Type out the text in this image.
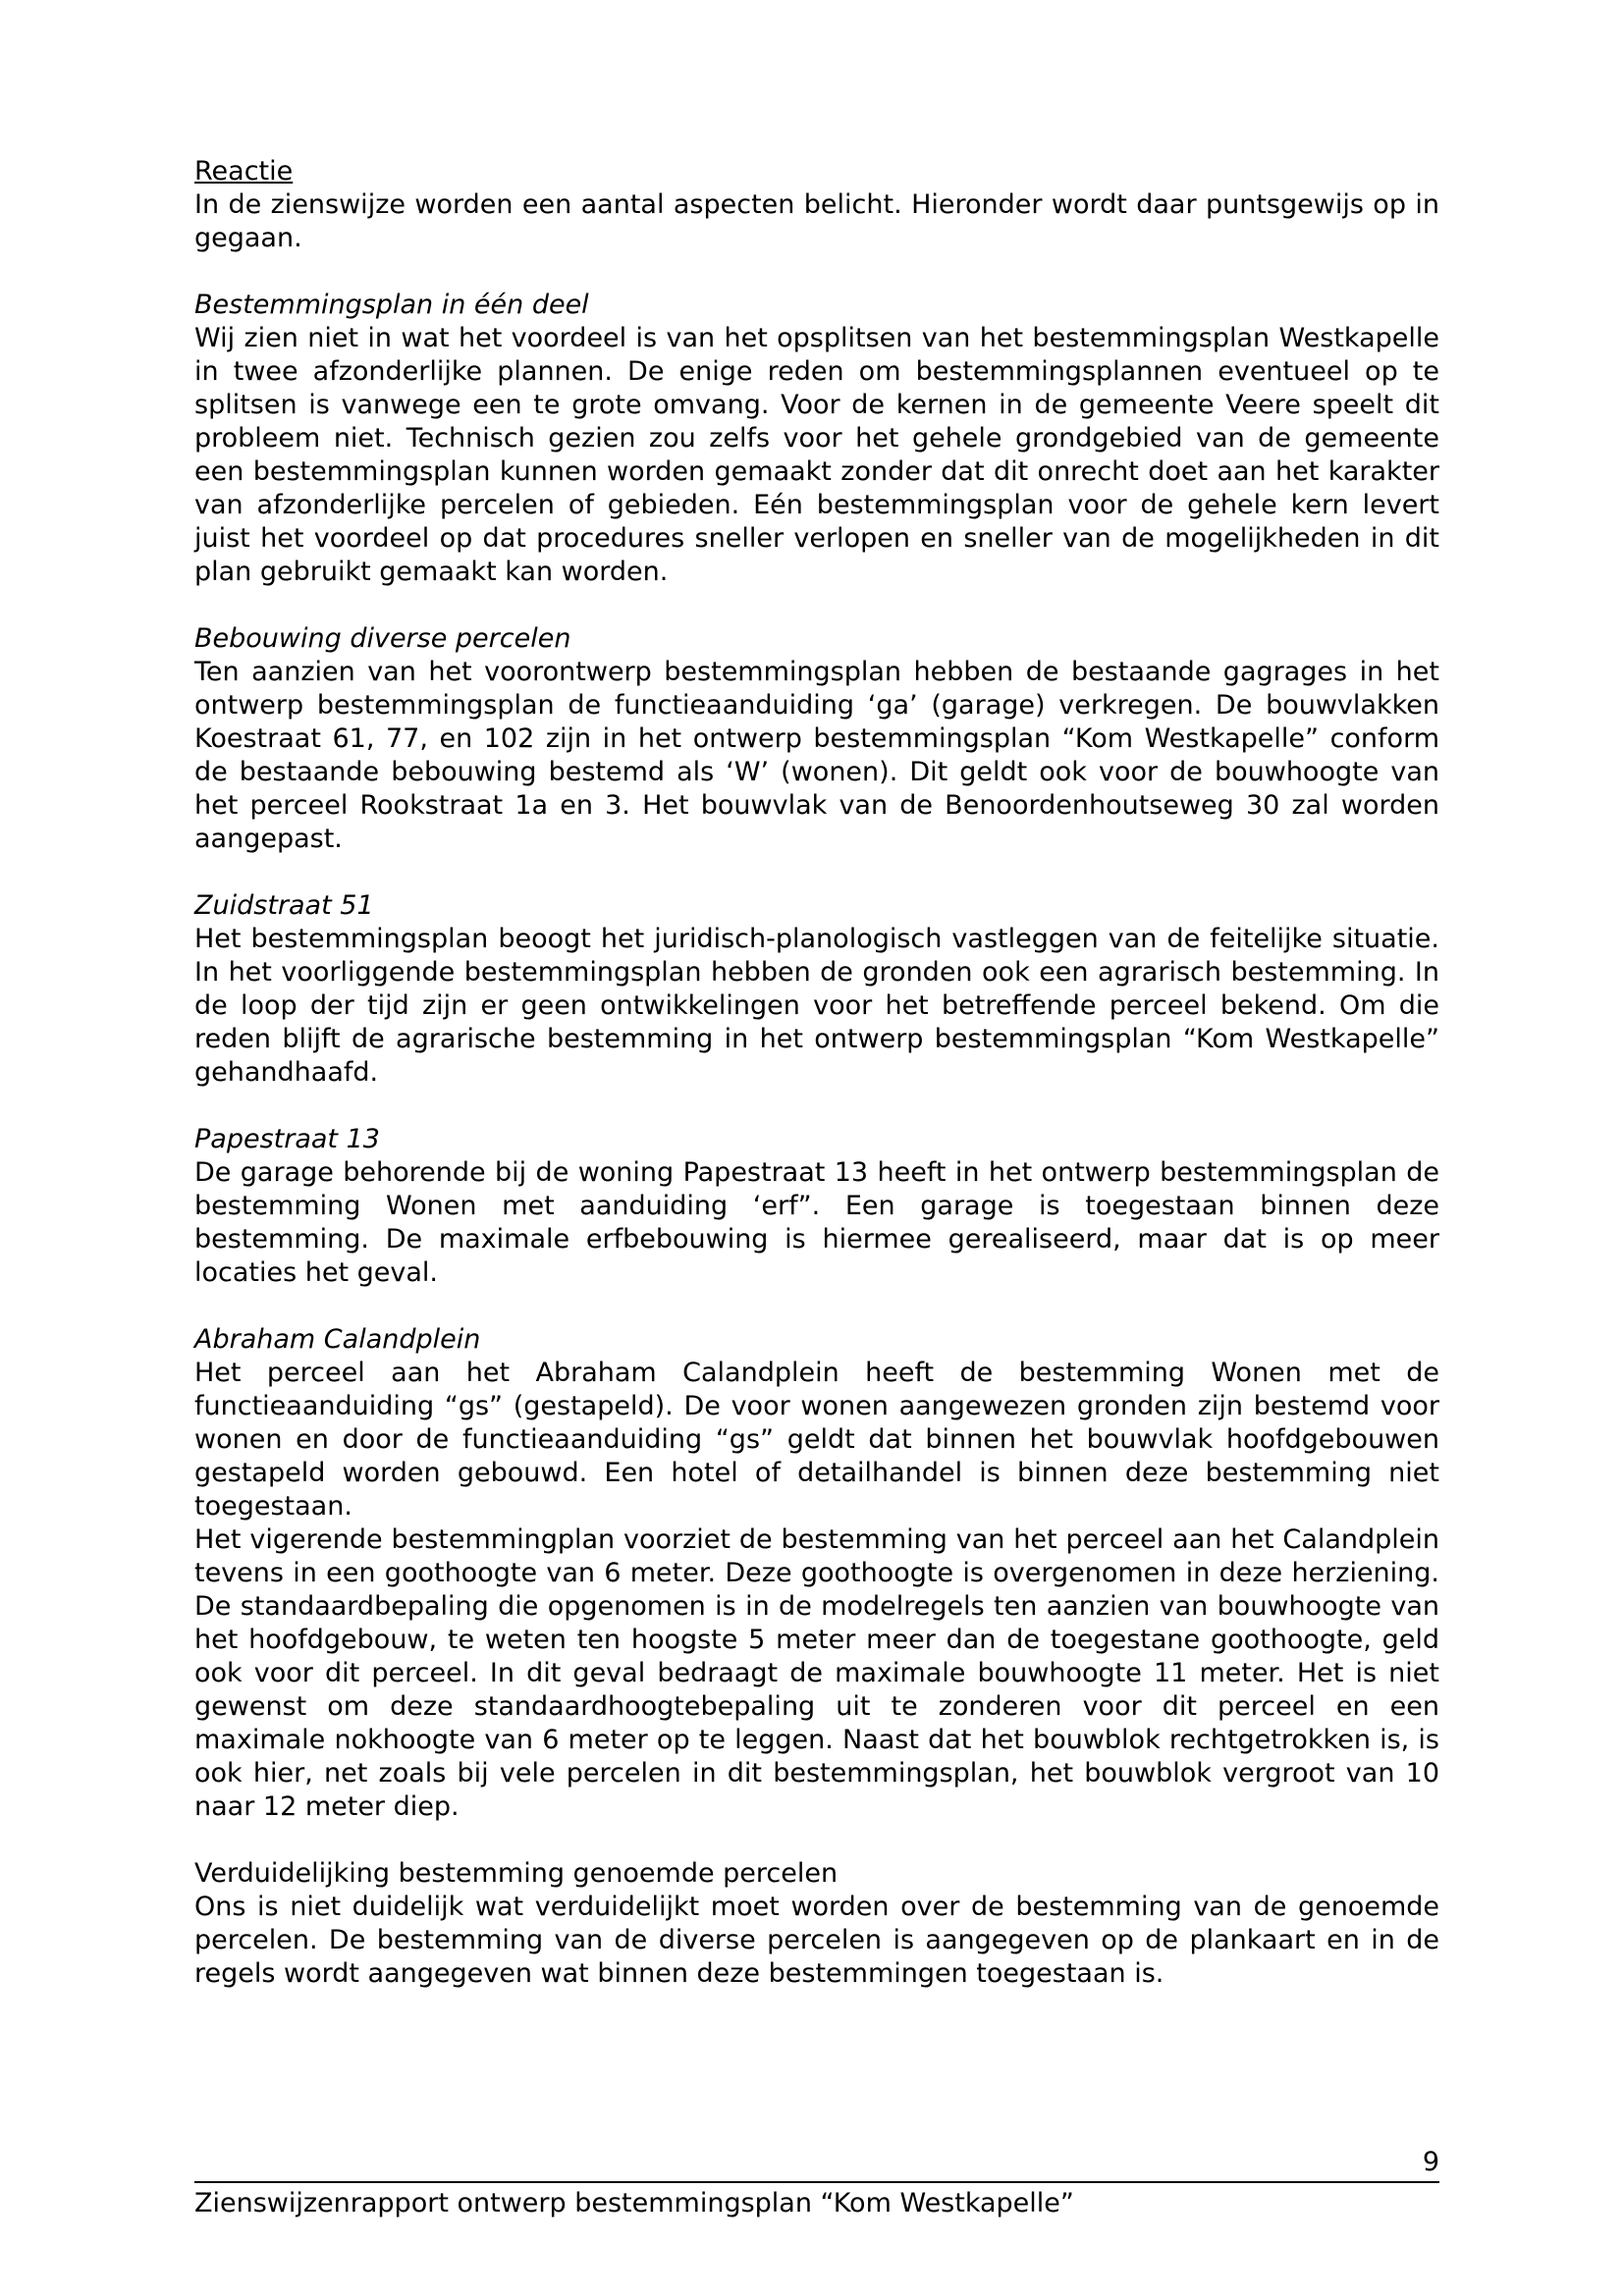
Reactie

In de zienswijze worden een aantal aspecten belicht. Hieronder wordt daar puntsgewijs op in gegaan.

Bestemmingsplan in één deel

Wij zien niet in wat het voordeel is van het opsplitsen van het bestemmingsplan Westkapelle in twee afzonderlijke plannen. De enige reden om bestemmingsplannen eventueel op te splitsen is vanwege een te grote omvang. Voor de kernen in de gemeente Veere speelt dit probleem niet. Technisch gezien zou zelfs voor het gehele grondgebied van de gemeente een bestemmingsplan kunnen worden gemaakt zonder dat dit onrecht doet aan het karakter van afzonderlijke percelen of gebieden. Eén bestemmingsplan voor de gehele kern levert juist het voordeel op dat procedures sneller verlopen en sneller van de mogelijkheden in dit plan gebruikt gemaakt kan worden.

Bebouwing diverse percelen

Ten aanzien van het voorontwerp bestemmingsplan hebben de bestaande gagrages in het ontwerp bestemmingsplan de functieaanduiding ‘ga’ (garage) verkregen. De bouwvlakken Koestraat 61, 77, en 102 zijn in het ontwerp bestemmingsplan “Kom Westkapelle” conform de bestaande bebouwing bestemd als ‘W’ (wonen). Dit geldt ook voor de bouwhoogte van het perceel Rookstraat 1a en 3. Het bouwvlak van de Benoordenhoutseweg 30 zal worden aangepast.

Zuidstraat 51

Het bestemmingsplan beoogt het juridisch-planologisch vastleggen van de feitelijke situatie. In het voorliggende bestemmingsplan hebben de gronden ook een agrarisch bestemming. In de loop der tijd zijn er geen ontwikkelingen voor het betreffende perceel bekend. Om die reden blijft de agrarische bestemming in het ontwerp bestemmingsplan “Kom Westkapelle” gehandhaafd.

Papestraat 13

De garage behorende bij de woning Papestraat 13 heeft in het ontwerp bestemmingsplan de bestemming Wonen met aanduiding ‘erf”. Een garage is toegestaan binnen deze bestemming. De maximale erfbebouwing is hiermee gerealiseerd, maar dat is op meer locaties het geval.

Abraham Calandplein

Het perceel aan het Abraham Calandplein heeft de bestemming Wonen met de functieaanduiding “gs” (gestapeld). De voor wonen aangewezen gronden zijn bestemd voor wonen en door de functieaanduiding “gs” geldt dat binnen het bouwvlak hoofdgebouwen gestapeld worden gebouwd. Een hotel of detailhandel is binnen deze bestemming niet toegestaan.

Het vigerende bestemmingplan voorziet de bestemming van het perceel aan het Calandplein tevens in een goothoogte van 6 meter. Deze goothoogte is overgenomen in deze herziening. De standaardbepaling die opgenomen is in de modelregels ten aanzien van bouwhoogte van het hoofdgebouw, te weten ten hoogste 5 meter meer dan de toegestane goothoogte, geld ook voor dit perceel. In dit geval bedraagt de maximale bouwhoogte 11 meter. Het is niet gewenst om deze standaardhoogtebepaling uit te zonderen voor dit perceel en een maximale nokhoogte van 6 meter op te leggen. Naast dat het bouwblok rechtgetrokken is, is ook hier, net zoals bij vele percelen in dit bestemmingsplan, het bouwblok vergroot van 10 naar 12 meter diep.

Verduidelijking bestemming genoemde percelen

Ons is niet duidelijk wat verduidelijkt moet worden over de bestemming van de genoemde percelen. De bestemming van de diverse percelen is aangegeven op de plankaart en in de regels wordt aangegeven wat binnen deze bestemmingen toegestaan is.

9
Zienswijzenrapport ontwerp bestemmingsplan “Kom Westkapelle”
